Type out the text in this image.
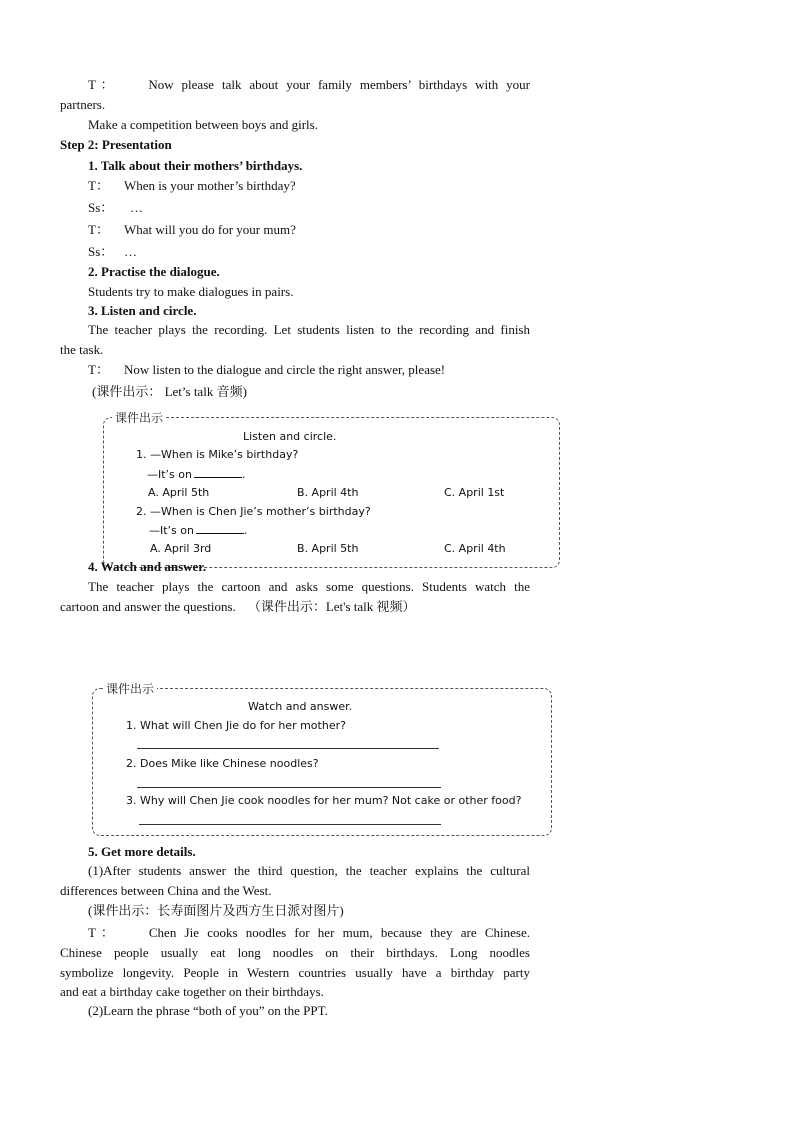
T： Now please talk about your family members’ birthdays with your
partners.
Make a competition between boys and girls.
Step 2: Presentation
1. Talk about their mothers’ birthdays.
T： When is your mother’s birthday?
Ss： …
T： What will you do for your mum?
Ss： …
2. Practise the dialogue.
Students try to make dialogues in pairs.
3. Listen and circle.
The teacher plays the recording. Let students listen to the recording and finish
the task.
T： Now listen to the dialogue and circle the right answer, please!
(课件出示： Let’s talk 音频)
课件出示
Listen and circle.
1. —When is Mike’s birthday?
—It’s on	.
A. April 5th	B. April 4th	C. April 1st
2. —When is Chen Jie’s mother’s birthday?
—It’s on	.
A. April 3rd	B. April 5th	C. April 4th
4. Watch and answer.
The teacher plays the cartoon and asks some questions. Students watch the
cartoon and answer the questions. （课件出示：Let's talk 视频）
课件出示
Watch and answer.
1. What will Chen Jie do for her mother?
2. Does Mike like Chinese noodles?
3. Why will Chen Jie cook noodles for her mum? Not cake or other food?
5. Get more details.
(1)After students answer the third question, the teacher explains the cultural
differences between China and the West.
(课件出示：长寿面图片及西方生日派对图片)
T： Chen Jie cooks noodles for her mum, because they are Chinese.
Chinese people usually eat long noodles on their birthdays. Long noodles
symbolize longevity. People in Western countries usually have a birthday party
and eat a birthday cake together on their birthdays.
(2)Learn the phrase “both of you” on the PPT.
